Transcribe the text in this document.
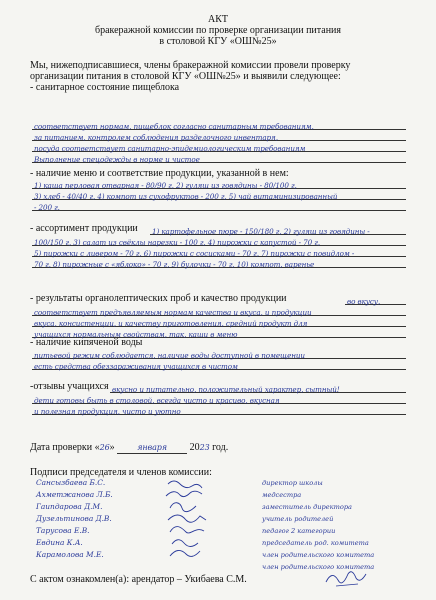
АКТ
бракеражной комиссии по проверке организации питания
в столовой КГУ «ОШ№25»
Мы, нижеподписавшиеся, члены бракеражной комиссии провели проверку
организации питания в столовой КГУ «ОШ№25» и выявили следующее:
- санитарное состояние пищеблока
соответствует нормам, пищеблок согласно санитарным требованиям,
за питанием, контролем соблюдения разделочного инвентаря,
посуда соответствует санитарно-эпидемиологическим требованиям
Выполнение спецодежды в норме и чистое
- наличие меню и соответствие продукции, указанной в нем:
1) каша перловая отварная - 80/90 г, 2) гуляш из говядины - 80/100 г,
3) хлеб - 40/40 г, 4) компот из сухофруктов - 200 г, 5) чай витаминизированный
- 200 г.
- ассортимент продукции 1) картофельное пюре - 150/180 г, 2) гуляш из говядины -
100/150 г, 3) салат из свёклы нарезки - 100 г, 4) пирожки с капустой - 70 г,
5) пирожки с ливером - 70 г, 6) пирожки с сосисками - 70 г, 7) пирожки с повидлом -
70 г, 8) пирожные с «яблоко» - 70 г, 9) булочки - 70 г, 10) компот, варенье
- результаты органолептических проб и качество продукции	во вкусу,
соответствует предъявляемым нормам качества и вкуса, и продукции
вкуса, консистенции, и качеству приготовления, средний продукт для
учащихся нормальным свойствам, так, каши в меню
- наличие кипяченой воды
питьевой режим соблюдается, наличие воды доступной в помещении
есть средства обеззараживания учащихся в чистом
-отзывы учащихся вкусно и питательно, положительный характер, сытный!
дети готовы быть в столовой, всегда чисто и красиво, вкусная
и полезная продукция, чисто и уютно
Дата проверки «26»	января 2023 год.
Подписи председателя и членов комиссии:
Сансызбаева Б.С.
Ахметжанова Л.Б.
Гаипдарова Д.М.
Дузельтинова Д.В.
Тарусова Е.В.
Евдина К.А.
Карамолова М.Е.
директор школы
медсестра
заместитель директора
учитель родителей
педагог 2 категории
председатель род. комитета
член родительского комитета
член родительского комитета
С актом ознакомлен(а): арендатор – Укибаева С.М.
